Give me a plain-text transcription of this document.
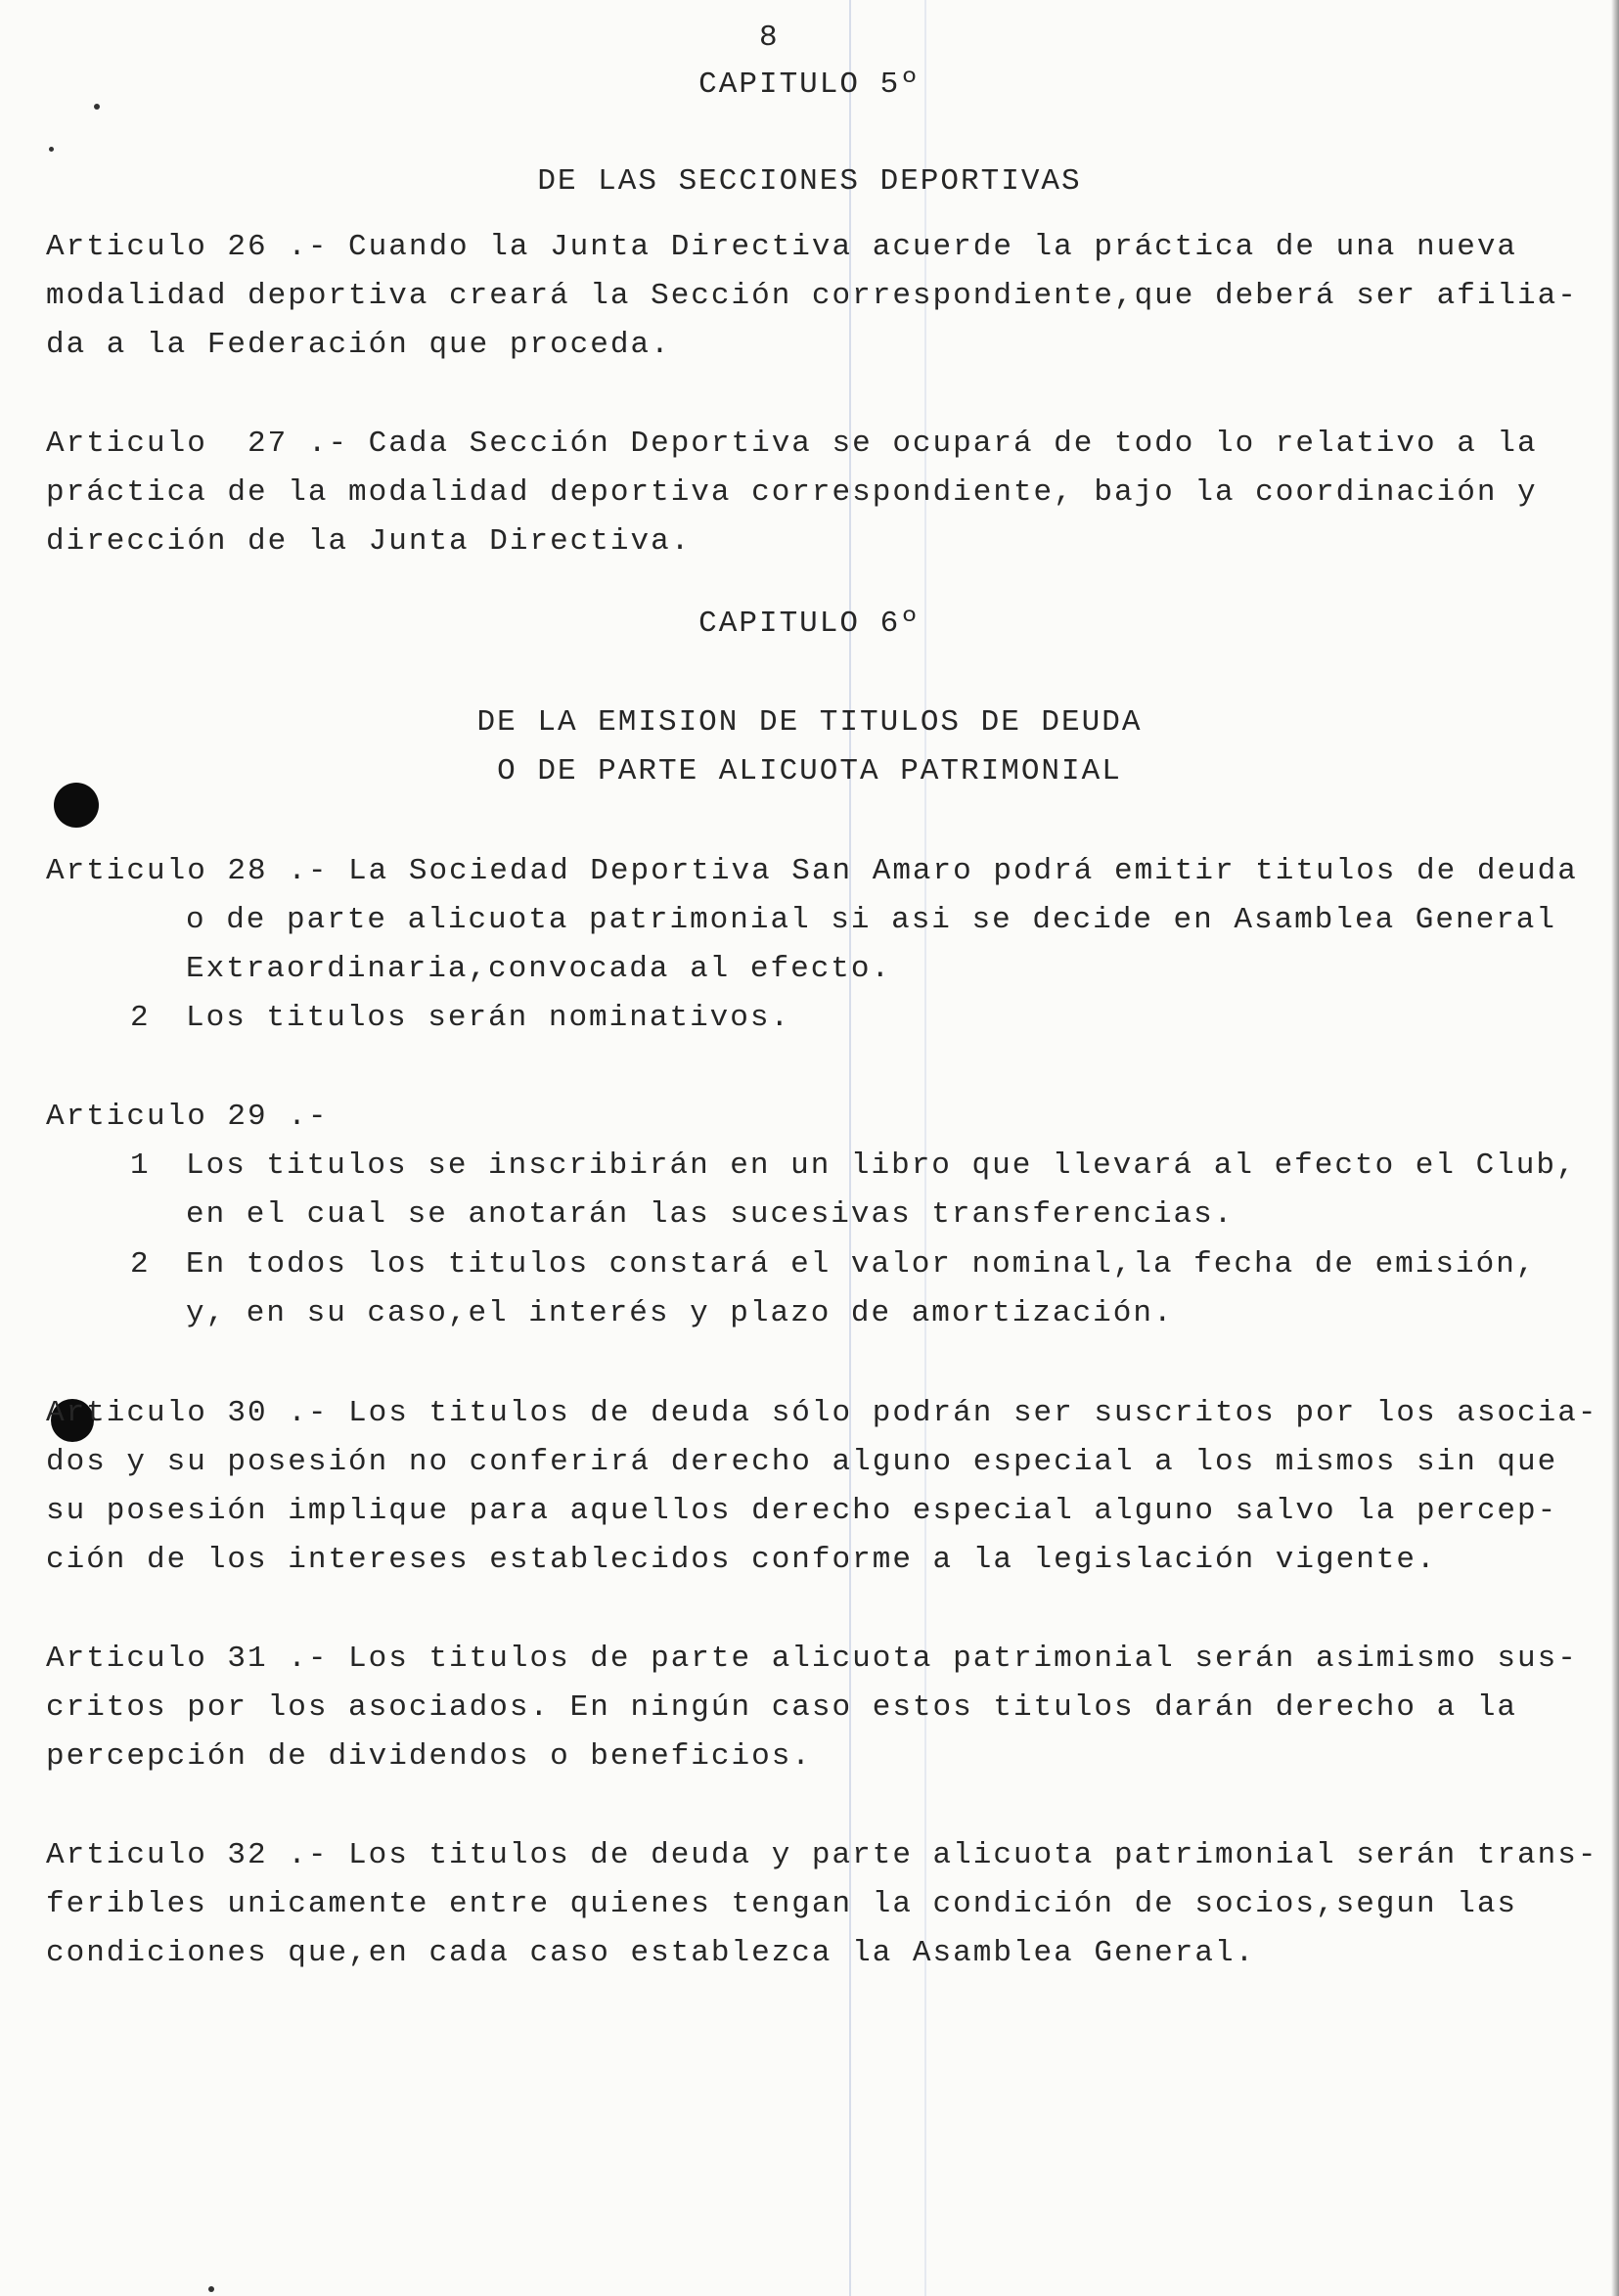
8
CAPITULO 5º
DE LAS SECCIONES DEPORTIVAS
Articulo 26 .- Cuando la Junta Directiva acuerde la práctica de una nueva
modalidad deportiva creará la Sección correspondiente,que deberá ser afilia-
da a la Federación que proceda.
Articulo  27 .- Cada Sección Deportiva se ocupará de todo lo relativo a la
práctica de la modalidad deportiva correspondiente, bajo la coordinación y
dirección de la Junta Directiva.
CAPITULO 6º
DE LA EMISION DE TITULOS DE DEUDA
O DE PARTE ALICUOTA PATRIMONIAL
Articulo 28 .- La Sociedad Deportiva San Amaro podrá emitir titulos de deuda
o de parte alicuota patrimonial si asi se decide en Asamblea General
Extraordinaria,convocada al efecto.
2	Los titulos serán nominativos.
Articulo 29 .-
1	Los titulos se inscribirán en un libro que llevará al efecto el Club,
en el cual se anotarán las sucesivas transferencias.
2	En todos los titulos constará el valor nominal,la fecha de emisión,
y, en su caso,el interés y plazo de amortización.
Articulo 30 .- Los titulos de deuda sólo podrán ser suscritos por los asocia-
dos y su posesión no conferirá derecho alguno especial a los mismos sin que
su posesión implique para aquellos derecho especial alguno salvo la percep-
ción de los intereses establecidos conforme a la legislación vigente.
Articulo 31 .- Los titulos de parte alicuota patrimonial serán asimismo sus-
critos por los asociados. En ningún caso estos titulos darán derecho a la
percepción de dividendos o beneficios.
Articulo 32 .- Los titulos de deuda y parte alicuota patrimonial serán trans-
feribles unicamente entre quienes tengan la condición de socios,segun las
condiciones que,en cada caso establezca la Asamblea General.
